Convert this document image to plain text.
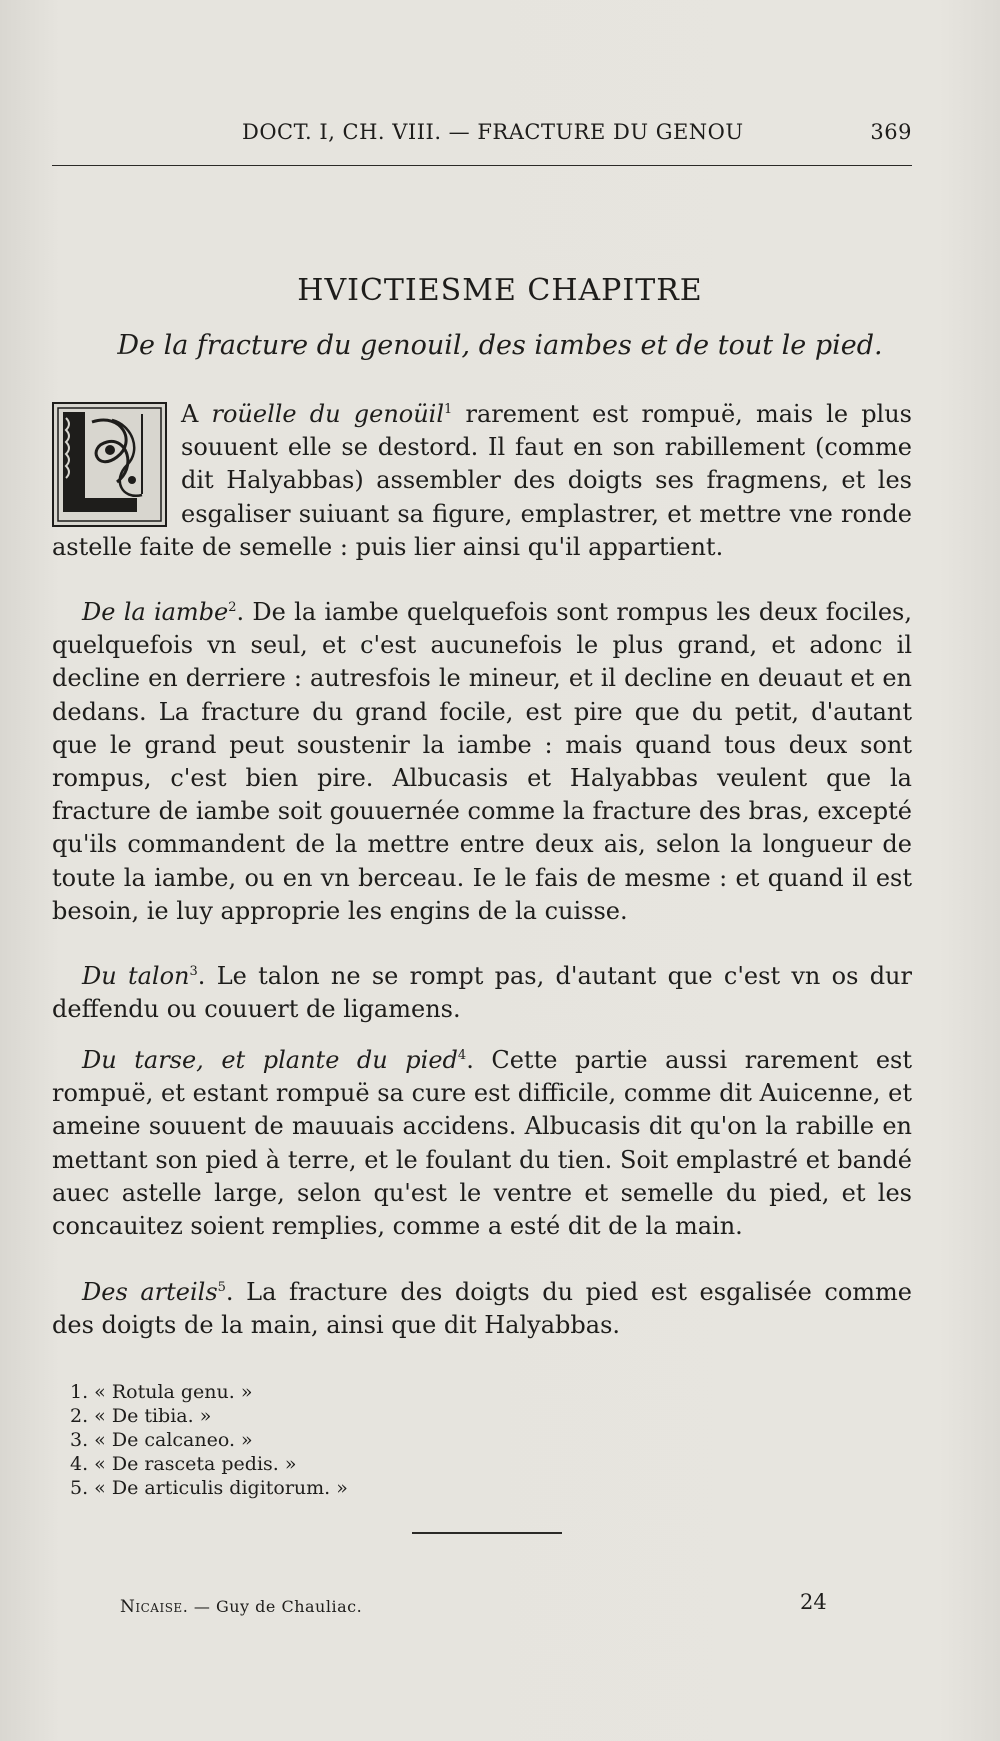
DOCT. I, CH. VIII. — FRACTURE DU GENOU	369
HVICTIESME CHAPITRE
De la fracture du genouil, des iambes et de tout le pied.

L
A roüelle du genoüil$^1$ rarement est rompuë, mais le plus souuent elle se destord. Il faut en son rabillement (comme dit Halyabbas) assembler des doigts ses fragmens, et les esgaliser suiuant sa figure, emplastrer, et mettre vne ronde astelle faite de semelle : puis lier ainsi qu'il appartient.

De la iambe$^2$. De la iambe quelquefois sont rompus les deux fociles, quelquefois vn seul, et c'est aucunefois le plus grand, et adonc il decline en derriere : autresfois le mineur, et il decline en deuaut et en dedans. La fracture du grand focile, est pire que du petit, d'autant que le grand peut soustenir la iambe : mais quand tous deux sont rompus, c'est bien pire. Albucasis et Halyabbas veulent que la fracture de iambe soit gouuernée comme la fracture des bras, excepté qu'ils commandent de la mettre entre deux ais, selon la longueur de toute la iambe, ou en vn berceau. Ie le fais de mesme : et quand il est besoin, ie luy approprie les engins de la cuisse.

Du talon$^3$. Le talon ne se rompt pas, d'autant que c'est vn os dur deffendu ou couuert de ligamens.

Du tarse, et plante du pied$^4$. Cette partie aussi rarement est rompuë, et estant rompuë sa cure est difficile, comme dit Auicenne, et ameine souuent de mauuais accidens. Albucasis dit qu'on la rabille en mettant son pied à terre, et le foulant du tien. Soit emplastré et bandé auec astelle large, selon qu'est le ventre et semelle du pied, et les concauitez soient remplies, comme a esté dit de la main.

Des arteils$^5$. La fracture des doigts du pied est esgalisée comme des doigts de la main, ainsi que dit Halyabbas.

1. « Rotula genu. »
2. « De tibia. »
3. « De calcaneo. »
4. « De rasceta pedis. »
5. « De articulis digitorum. »
Nicaise. — Guy de Chauliac.	24
